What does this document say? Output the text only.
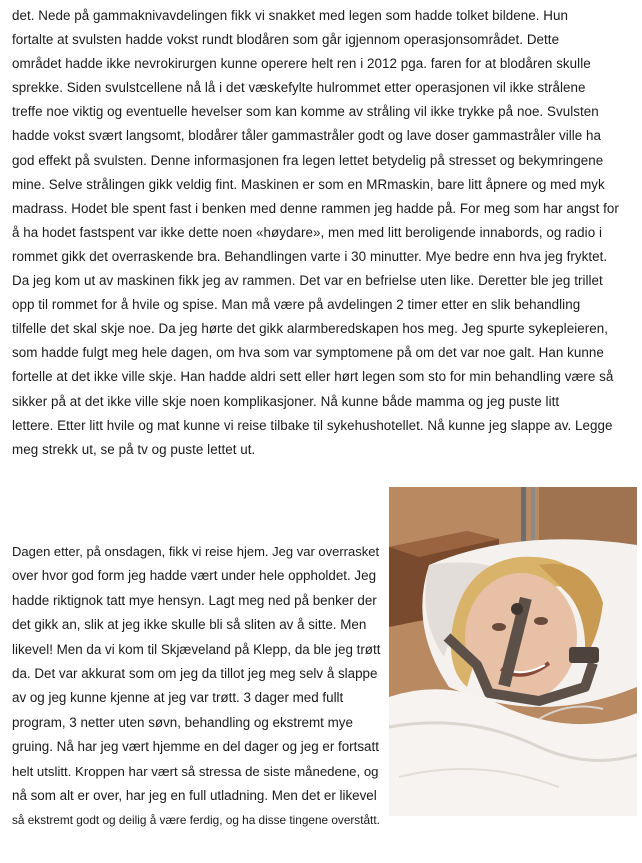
det. Nede på gammaknivavdelingen fikk vi snakket med legen som hadde tolket bildene. Hun
fortalte at svulsten hadde vokst rundt blodåren som går igjennom operasjonsområdet. Dette
området hadde ikke nevrokirurgen kunne operere helt ren i 2012 pga. faren for at blodåren skulle
sprekke. Siden svulstcellene nå lå i det væskefylte hulrommet etter operasjonen vil ikke strålene
treffe noe viktig og eventuelle hevelser som kan komme av stråling vil ikke trykke på noe. Svulsten
hadde vokst svært langsomt, blodårer tåler gammastråler godt og lave doser gammastråler ville ha
god effekt på svulsten. Denne informasjonen fra legen lettet betydelig på stresset og bekymringene
mine. Selve strålingen gikk veldig fint. Maskinen er som en MRmaskin, bare litt åpnere og med myk
madrass. Hodet ble spent fast i benken med denne rammen jeg hadde på. For meg som har angst for
å ha hodet fastspent var ikke dette noen «høydare», men med litt beroligende innabords, og radio i
rommet gikk det overraskende bra. Behandlingen varte i 30 minutter. Mye bedre enn hva jeg fryktet.
Da jeg kom ut av maskinen fikk jeg av rammen. Det var en befrielse uten like. Deretter ble jeg trillet
opp til rommet for å hvile og spise. Man må være på avdelingen 2 timer etter en slik behandling
tilfelle det skal skje noe. Da jeg hørte det gikk alarmberedskapen hos meg. Jeg spurte sykepleieren,
som hadde fulgt meg hele dagen, om hva som var symptomene på om det var noe galt. Han kunne
fortelle at det ikke ville skje. Han hadde aldri sett eller hørt legen som sto for min behandling være så
sikker på at det ikke ville skje noen komplikasjoner. Nå kunne både mamma og jeg puste litt
lettere. Etter litt hvile og mat kunne vi reise tilbake til sykehushotellet. Nå kunne jeg slappe av. Legge
meg strekk ut, se på tv og puste lettet ut.
Dagen etter, på onsdagen, fikk vi reise hjem. Jeg var overrasket
over hvor god form jeg hadde vært under hele oppholdet. Jeg
hadde riktignok tatt mye hensyn. Lagt meg ned på benker der
det gikk an, slik at jeg ikke skulle bli så sliten av å sitte. Men
likevel! Men da vi kom til Skjæveland på Klepp, da ble jeg trøtt
da. Det var akkurat som om jeg da tillot jeg meg selv å slappe
av og jeg kunne kjenne at jeg var trøtt. 3 dager med fullt
program, 3 netter uten søvn, behandling og ekstremt mye
gruing. Nå har jeg vært hjemme en del dager og jeg er fortsatt
helt utslitt. Kroppen har vært så stressa de siste månedene, og
nå som alt er over, har jeg en full utladning. Men det er likevel
så ekstremt godt og deilig å være ferdig, og ha disse tingene overstått.
